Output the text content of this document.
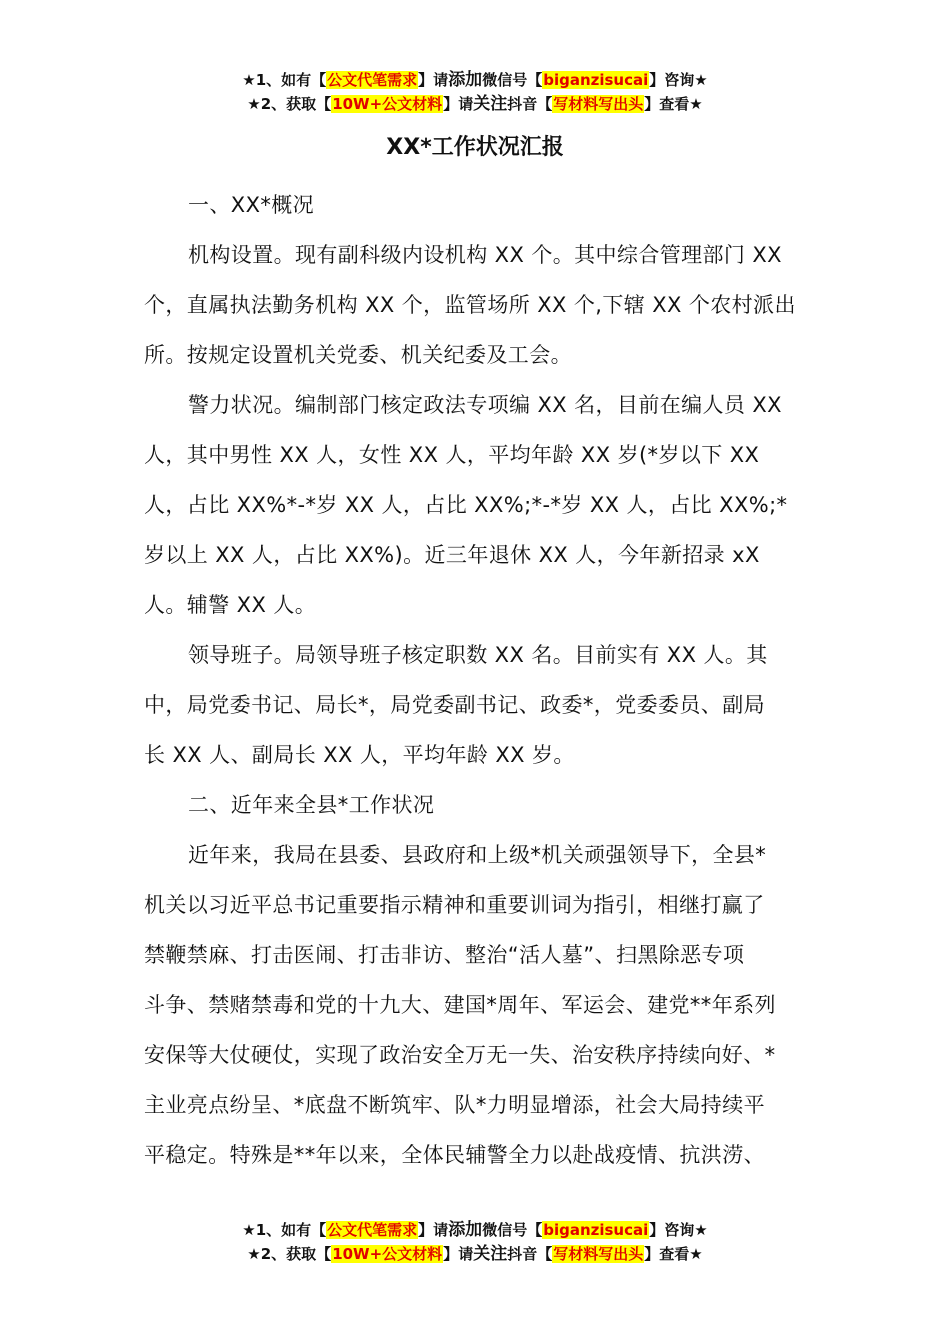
★1、如有【公文代笔需求】请添加微信号【biganzisucai】咨询★
★2、获取【10W+公文材料】请关注抖音【写材料写出头】查看★
XX*工作状况汇报

一、XX*概况

机构设置。现有副科级内设机构 XX 个。其中综合管理部门 XX
个，直属执法勤务机构 XX 个，监管场所 XX 个,下辖 XX 个农村派出
所。按规定设置机关党委、机关纪委及工会。

警力状况。编制部门核定政法专项编 XX 名，目前在编人员 XX
人，其中男性 XX 人，女性 XX 人，平均年龄 XX 岁(*岁以下 XX
人，占比 XX%*-*岁 XX 人，占比 XX%;*-*岁 XX 人，占比 XX%;*
岁以上 XX 人，占比 XX%)。近三年退休 XX 人，今年新招录 xX
人。辅警 XX 人。

领导班子。局领导班子核定职数 XX 名。目前实有 XX 人。其
中，局党委书记、局长*，局党委副书记、政委*，党委委员、副局
长 XX 人、副局长 XX 人，平均年龄 XX 岁。

二、近年来全县*工作状况

近年来，我局在县委、县政府和上级*机关顽强领导下，全县*
机关以习近平总书记重要指示精神和重要训词为指引，相继打赢了
禁鞭禁麻、打击医闹、打击非访、整治“活人墓”、扫黑除恶专项
斗争、禁赌禁毒和党的十九大、建国*周年、军运会、建党**年系列
安保等大仗硬仗，实现了政治安全万无一失、治安秩序持续向好、*
主业亮点纷呈、*底盘不断筑牢、队*力明显增添，社会大局持续平
平稳定。特殊是**年以来，全体民辅警全力以赴战疫情、抗洪涝、

★1、如有【公文代笔需求】请添加微信号【biganzisucai】咨询★
★2、获取【10W+公文材料】请关注抖音【写材料写出头】查看★
